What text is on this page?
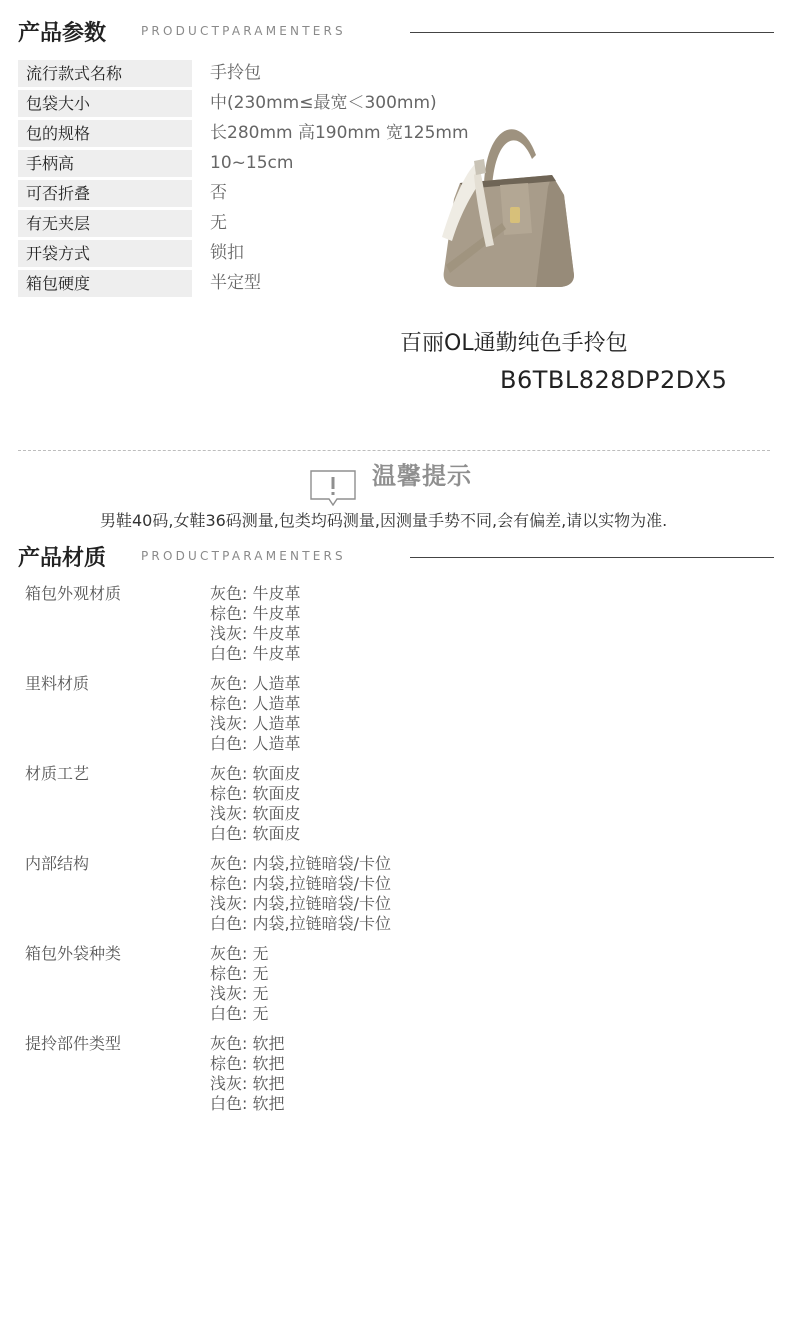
产品参数	PRODUCTPARAMENTERS
流行款式名称	手拎包
包袋大小	中(230mm≤最宽＜300mm)
包的规格	长280mm 高190mm 宽125mm
手柄高	10~15cm
可否折叠	否
有无夹层	无
开袋方式	锁扣
箱包硬度	半定型
百丽OL通勤纯色手拎包
B6TBL828DP2DX5
温馨提示
男鞋40码,女鞋36码测量,包类均码测量,因测量手势不同,会有偏差,请以实物为准.
产品材质	PRODUCTPARAMENTERS
箱包外观材质	灰色: 牛皮革
棕色: 牛皮革
浅灰: 牛皮革
白色: 牛皮革
里料材质	灰色: 人造革
棕色: 人造革
浅灰: 人造革
白色: 人造革
材质工艺	灰色: 软面皮
棕色: 软面皮
浅灰: 软面皮
白色: 软面皮
内部结构	灰色: 内袋,拉链暗袋/卡位
棕色: 内袋,拉链暗袋/卡位
浅灰: 内袋,拉链暗袋/卡位
白色: 内袋,拉链暗袋/卡位
箱包外袋种类	灰色: 无
棕色: 无
浅灰: 无
白色: 无
提拎部件类型	灰色: 软把
棕色: 软把
浅灰: 软把
白色: 软把
